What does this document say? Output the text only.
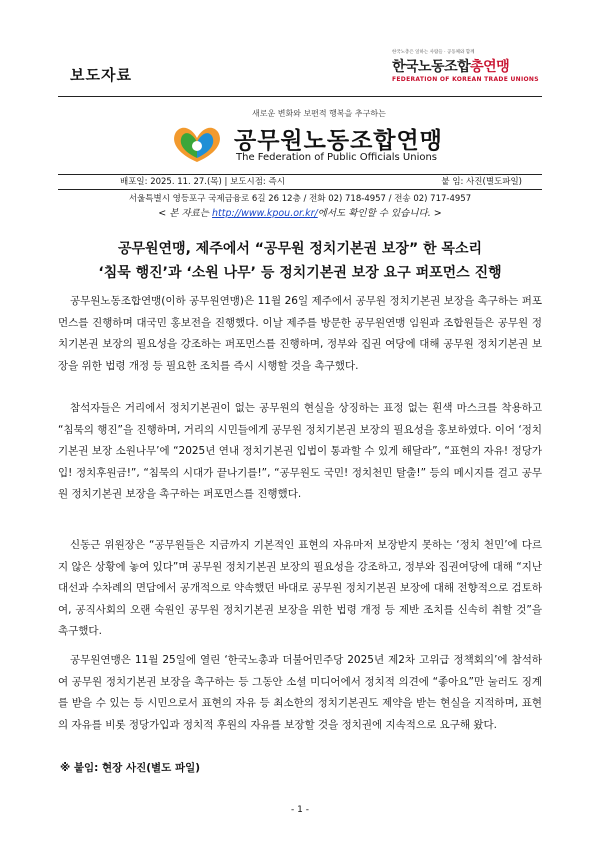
보도자료
한국노총은 일하는 사람들 · 공동체와 함께
한국노동조합총연맹
FEDERATION OF KOREAN TRADE UNIONS
새로운 변화와 보편적 행복을 추구하는
공무원노동조합연맹
The Federation of Public Officials Unions
배포일: 2025. 11. 27.(목) | 보도시점: 즉시	붙 임: 사진(별도파일)
서울특별시 영등포구 국제금융로 6길 26 12층 / 전화 02) 718-4957 / 전송 02) 717-4957
< 본 자료는 http://www.kpou.or.kr/에서도 확인할 수 있습니다. >
공무원연맹, 제주에서 “공무원 정치기본권 보장” 한 목소리
‘침묵 행진’과 ‘소원 나무’ 등 정치기본권 보장 요구 퍼포먼스 진행
공무원노동조합연맹(이하 공무원연맹)은 11월 26일 제주에서 공무원 정치기본권 보장을 촉구하는 퍼포먼스를 진행하며 대국민 홍보전을 진행했다. 이날 제주를 방문한 공무원연맹 임원과 조합원들은 공무원 정치기본권 보장의 필요성을 강조하는 퍼포먼스를 진행하며, 정부와 집권 여당에 대해 공무원 정치기본권 보장을 위한 법령 개정 등 필요한 조치를 즉시 시행할 것을 촉구했다.
참석자들은 거리에서 정치기본권이 없는 공무원의 현실을 상징하는 표정 없는 흰색 마스크를 착용하고 “침묵의 행진”을 진행하며, 거리의 시민들에게 공무원 정치기본권 보장의 필요성을 홍보하였다. 이어 ‘정치기본권 보장 소원나무’에 “2025년 연내 정치기본권 입법이 통과할 수 있게 해달라”, “표현의 자유! 정당가입! 정치후원금!”, “침묵의 시대가 끝나기를!”, “공무원도 국민! 정치천민 탈출!” 등의 메시지를 걸고 공무원 정치기본권 보장을 촉구하는 퍼포먼스를 진행했다.
신동근 위원장은 “공무원들은 지금까지 기본적인 표현의 자유마저 보장받지 못하는 ‘정치 천민’에 다르지 않은 상황에 놓여 있다”며 공무원 정치기본권 보장의 필요성을 강조하고, 정부와 집권여당에 대해 “지난 대선과 수차례의 면담에서 공개적으로 약속했던 바대로 공무원 정치기본권 보장에 대해 전향적으로 검토하여, 공직사회의 오랜 숙원인 공무원 정치기본권 보장을 위한 법령 개정 등 제반 조치를 신속히 취할 것”을 촉구했다.
공무원연맹은 11월 25일에 열린 ‘한국노총과 더불어민주당 2025년 제2차 고위급 정책회의’에 참석하여 공무원 정치기본권 보장을 촉구하는 등 그동안 소셜 미디어에서 정치적 의견에 “좋아요”만 눌러도 징계를 받을 수 있는 등 시민으로서 표현의 자유 등 최소한의 정치기본권도 제약을 받는 현실을 지적하며, 표현의 자유를 비롯 정당가입과 정치적 후원의 자유를 보장할 것을 정치권에 지속적으로 요구해 왔다.
※ 붙임: 현장 사진(별도 파일)
- 1 -
